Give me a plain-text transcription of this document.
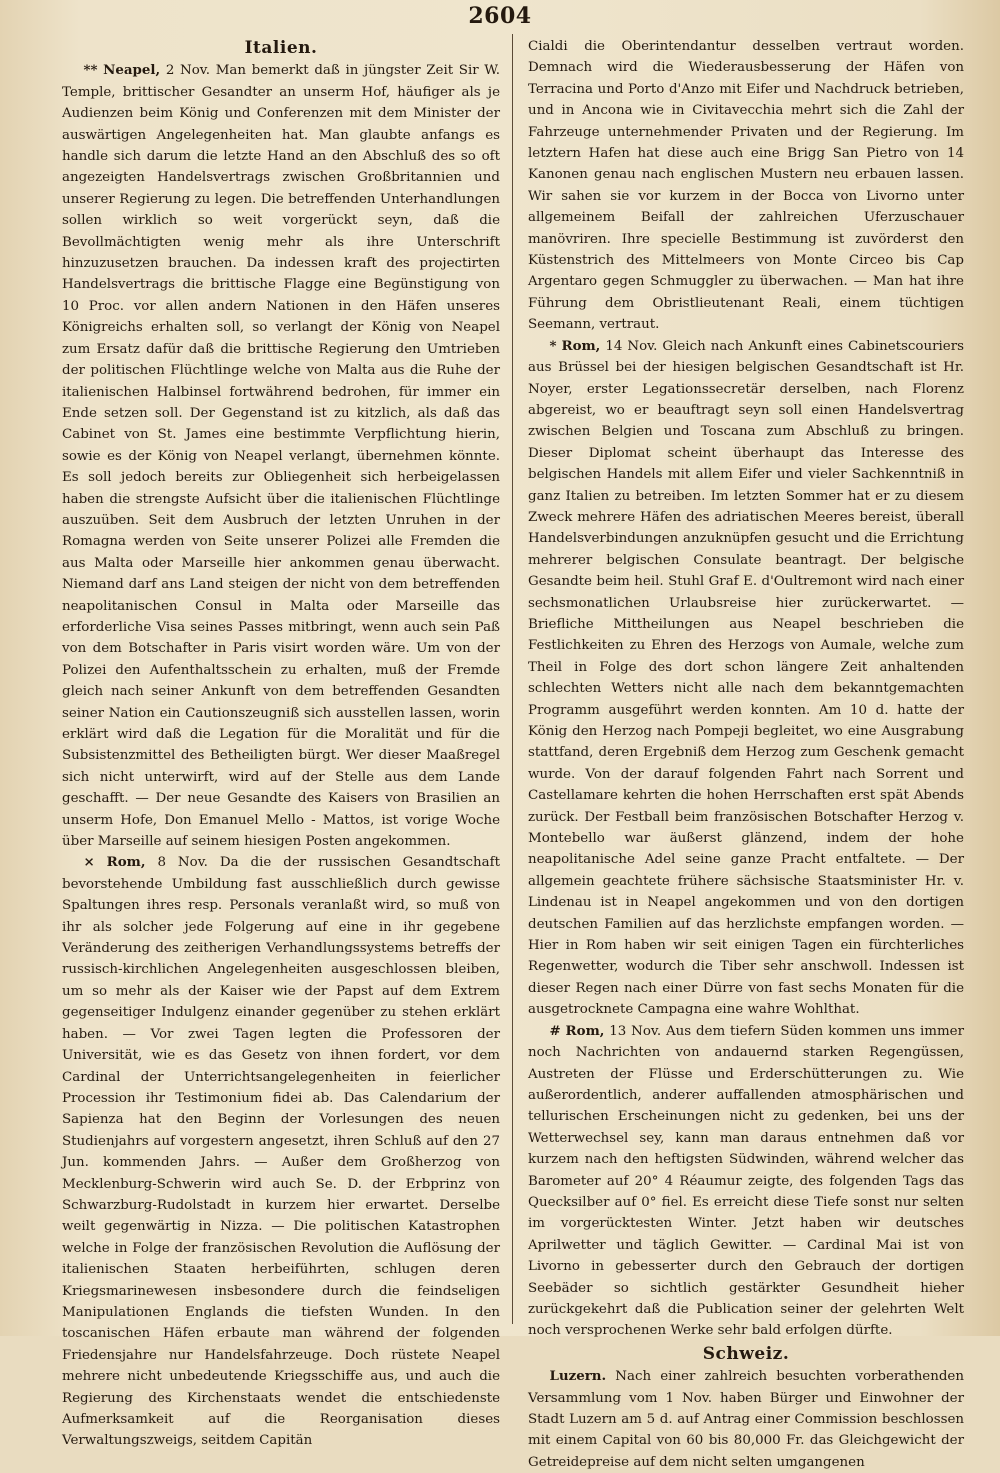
2604
Italien.

** Neapel, 2 Nov. Man bemerkt daß in jüngster Zeit Sir W. Temple, brittischer Gesandter an unserm Hof, häufiger als je Audienzen beim König und Conferenzen mit dem Minister der auswärtigen Angelegenheiten hat. Man glaubte anfangs es handle sich darum die letzte Hand an den Abschluß des so oft angezeigten Handelsvertrags zwischen Großbritannien und unserer Regierung zu legen. Die betreffenden Unterhandlungen sollen wirklich so weit vorgerückt seyn, daß die Bevollmächtigten wenig mehr als ihre Unterschrift hinzuzusetzen brauchen. Da indessen kraft des projectirten Handelsvertrags die brittische Flagge eine Begünstigung von 10 Proc. vor allen andern Nationen in den Häfen unseres Königreichs erhalten soll, so verlangt der König von Neapel zum Ersatz dafür daß die brittische Regierung den Umtrieben der politischen Flüchtlinge welche von Malta aus die Ruhe der italienischen Halbinsel fortwährend bedrohen, für immer ein Ende setzen soll. Der Gegenstand ist zu kitzlich, als daß das Cabinet von St. James eine bestimmte Verpflichtung hierin, sowie es der König von Neapel verlangt, übernehmen könnte. Es soll jedoch bereits zur Obliegenheit sich herbeigelassen haben die strengste Aufsicht über die italienischen Flüchtlinge auszuüben. Seit dem Ausbruch der letzten Unruhen in der Romagna werden von Seite unserer Polizei alle Fremden die aus Malta oder Marseille hier ankommen genau überwacht. Niemand darf ans Land steigen der nicht von dem betreffenden neapolitanischen Consul in Malta oder Marseille das erforderliche Visa seines Passes mitbringt, wenn auch sein Paß von dem Botschafter in Paris visirt worden wäre. Um von der Polizei den Aufenthaltsschein zu erhalten, muß der Fremde gleich nach seiner Ankunft von dem betreffenden Gesandten seiner Nation ein Cautionszeugniß sich ausstellen lassen, worin erklärt wird daß die Legation für die Moralität und für die Subsistenzmittel des Betheiligten bürgt. Wer dieser Maaßregel sich nicht unterwirft, wird auf der Stelle aus dem Lande geschafft. — Der neue Gesandte des Kaisers von Brasilien an unserm Hofe, Don Emanuel Mello - Mattos, ist vorige Woche über Marseille auf seinem hiesigen Posten angekommen.

× Rom, 8 Nov. Da die der russischen Gesandtschaft bevorstehende Umbildung fast ausschließlich durch gewisse Spaltungen ihres resp. Personals veranlaßt wird, so muß von ihr als solcher jede Folgerung auf eine in ihr gegebene Veränderung des zeitherigen Verhandlungssystems betreffs der russisch-kirchlichen Angelegenheiten ausgeschlossen bleiben, um so mehr als der Kaiser wie der Papst auf dem Extrem gegenseitiger Indulgenz einander gegenüber zu stehen erklärt haben. — Vor zwei Tagen legten die Professoren der Universität, wie es das Gesetz von ihnen fordert, vor dem Cardinal der Unterrichtsangelegenheiten in feierlicher Procession ihr Testimonium fidei ab. Das Calendarium der Sapienza hat den Beginn der Vorlesungen des neuen Studienjahrs auf vorgestern angesetzt, ihren Schluß auf den 27 Jun. kommenden Jahrs. — Außer dem Großherzog von Mecklenburg-Schwerin wird auch Se. D. der Erbprinz von Schwarzburg-Rudolstadt in kurzem hier erwartet. Derselbe weilt gegenwärtig in Nizza. — Die politischen Katastrophen welche in Folge der französischen Revolution die Auflösung der italienischen Staaten herbeiführten, schlugen deren Kriegsmarinewesen insbesondere durch die feindseligen Manipulationen Englands die tiefsten Wunden. In den toscanischen Häfen erbaute man während der folgenden Friedensjahre nur Handelsfahrzeuge. Doch rüstete Neapel mehrere nicht unbedeutende Kriegsschiffe aus, und auch die Regierung des Kirchenstaats wendet die entschiedenste Aufmerksamkeit auf die Reorganisation dieses Verwaltungszweigs, seitdem Capitän

Cialdi die Oberintendantur desselben vertraut worden. Demnach wird die Wiederausbesserung der Häfen von Terracina und Porto d'Anzo mit Eifer und Nachdruck betrieben, und in Ancona wie in Civitavecchia mehrt sich die Zahl der Fahrzeuge unternehmender Privaten und der Regierung. Im letztern Hafen hat diese auch eine Brigg San Pietro von 14 Kanonen genau nach englischen Mustern neu erbauen lassen. Wir sahen sie vor kurzem in der Bocca von Livorno unter allgemeinem Beifall der zahlreichen Uferzuschauer manövriren. Ihre specielle Bestimmung ist zuvörderst den Küstenstrich des Mittelmeers von Monte Circeo bis Cap Argentaro gegen Schmuggler zu überwachen. — Man hat ihre Führung dem Obristlieutenant Reali, einem tüchtigen Seemann, vertraut.

* Rom, 14 Nov. Gleich nach Ankunft eines Cabinetscouriers aus Brüssel bei der hiesigen belgischen Gesandtschaft ist Hr. Noyer, erster Legationssecretär derselben, nach Florenz abgereist, wo er beauftragt seyn soll einen Handelsvertrag zwischen Belgien und Toscana zum Abschluß zu bringen. Dieser Diplomat scheint überhaupt das Interesse des belgischen Handels mit allem Eifer und vieler Sachkenntniß in ganz Italien zu betreiben. Im letzten Sommer hat er zu diesem Zweck mehrere Häfen des adriatischen Meeres bereist, überall Handelsverbindungen anzuknüpfen gesucht und die Errichtung mehrerer belgischen Consulate beantragt. Der belgische Gesandte beim heil. Stuhl Graf E. d'Oultremont wird nach einer sechsmonatlichen Urlaubsreise hier zurückerwartet. — Briefliche Mittheilungen aus Neapel beschrieben die Festlichkeiten zu Ehren des Herzogs von Aumale, welche zum Theil in Folge des dort schon längere Zeit anhaltenden schlechten Wetters nicht alle nach dem bekanntgemachten Programm ausgeführt werden konnten. Am 10 d. hatte der König den Herzog nach Pompeji begleitet, wo eine Ausgrabung stattfand, deren Ergebniß dem Herzog zum Geschenk gemacht wurde. Von der darauf folgenden Fahrt nach Sorrent und Castellamare kehrten die hohen Herrschaften erst spät Abends zurück. Der Festball beim französischen Botschafter Herzog v. Montebello war äußerst glänzend, indem der hohe neapolitanische Adel seine ganze Pracht entfaltete. — Der allgemein geachtete frühere sächsische Staatsminister Hr. v. Lindenau ist in Neapel angekommen und von den dortigen deutschen Familien auf das herzlichste empfangen worden. — Hier in Rom haben wir seit einigen Tagen ein fürchterliches Regenwetter, wodurch die Tiber sehr anschwoll. Indessen ist dieser Regen nach einer Dürre von fast sechs Monaten für die ausgetrocknete Campagna eine wahre Wohlthat.

# Rom, 13 Nov. Aus dem tiefern Süden kommen uns immer noch Nachrichten von andauernd starken Regengüssen, Austreten der Flüsse und Erderschütterungen zu. Wie außerordentlich, anderer auffallenden atmosphärischen und tellurischen Erscheinungen nicht zu gedenken, bei uns der Wetterwechsel sey, kann man daraus entnehmen daß vor kurzem nach den heftigsten Südwinden, während welcher das Barometer auf 20° 4 Réaumur zeigte, des folgenden Tags das Quecksilber auf 0° fiel. Es erreicht diese Tiefe sonst nur selten im vorgerücktesten Winter. Jetzt haben wir deutsches Aprilwetter und täglich Gewitter. — Cardinal Mai ist von Livorno in gebesserter durch den Gebrauch der dortigen Seebäder so sichtlich gestärkter Gesundheit hieher zurückgekehrt daß die Publication seiner der gelehrten Welt noch versprochenen Werke sehr bald erfolgen dürfte.

Schweiz.

Luzern. Nach einer zahlreich besuchten vorberathenden Versammlung vom 1 Nov. haben Bürger und Einwohner der Stadt Luzern am 5 d. auf Antrag einer Commission beschlossen mit einem Capital von 60 bis 80,000 Fr. das Gleichgewicht der Getreidepreise auf dem nicht selten umgangenen
